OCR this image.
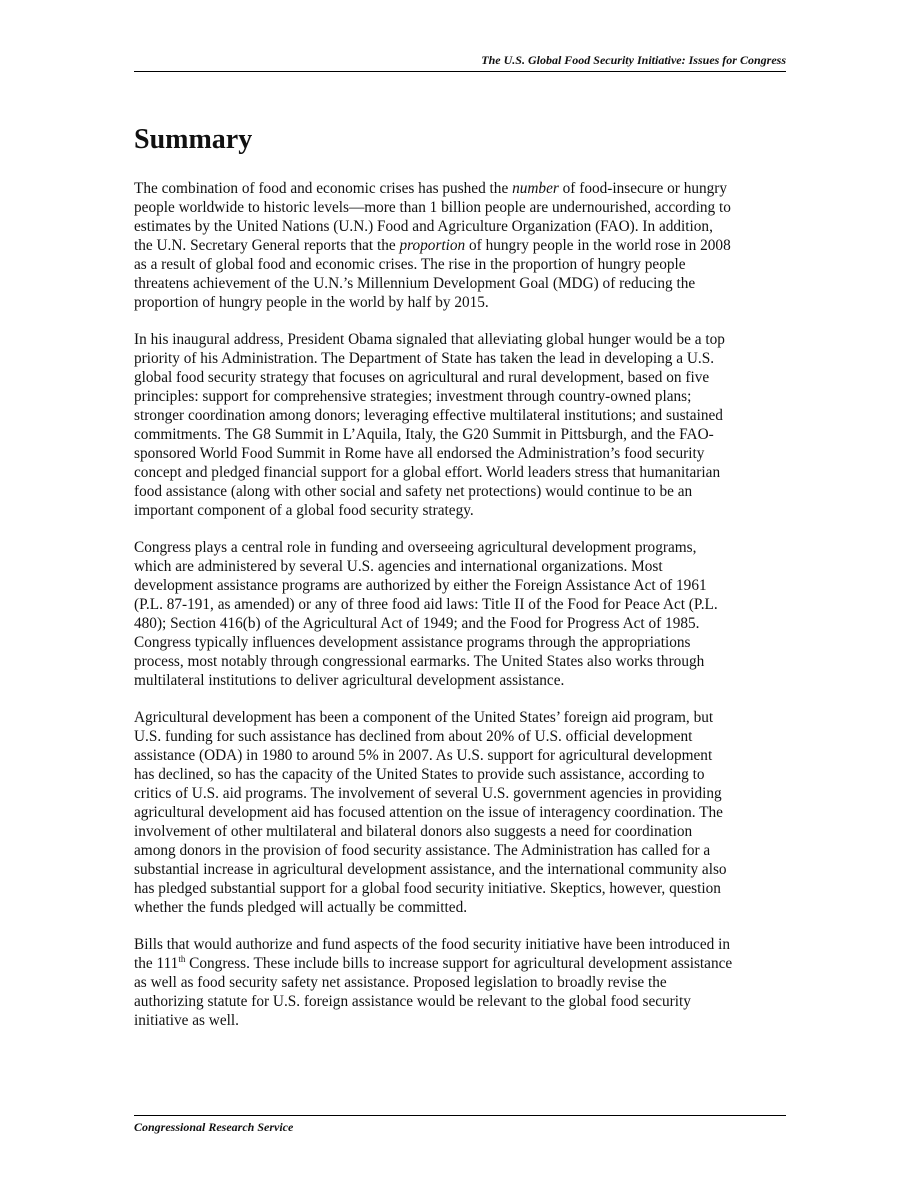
The U.S. Global Food Security Initiative: Issues for Congress
Summary

The combination of food and economic crises has pushed the number of food-insecure or hungry
people worldwide to historic levels—more than 1 billion people are undernourished, according to
estimates by the United Nations (U.N.) Food and Agriculture Organization (FAO). In addition,
the U.N. Secretary General reports that the proportion of hungry people in the world rose in 2008
as a result of global food and economic crises. The rise in the proportion of hungry people
threatens achievement of the U.N.’s Millennium Development Goal (MDG) of reducing the
proportion of hungry people in the world by half by 2015.

In his inaugural address, President Obama signaled that alleviating global hunger would be a top
priority of his Administration. The Department of State has taken the lead in developing a U.S.
global food security strategy that focuses on agricultural and rural development, based on five
principles: support for comprehensive strategies; investment through country-owned plans;
stronger coordination among donors; leveraging effective multilateral institutions; and sustained
commitments. The G8 Summit in L’Aquila, Italy, the G20 Summit in Pittsburgh, and the FAO-
sponsored World Food Summit in Rome have all endorsed the Administration’s food security
concept and pledged financial support for a global effort. World leaders stress that humanitarian
food assistance (along with other social and safety net protections) would continue to be an
important component of a global food security strategy.

Congress plays a central role in funding and overseeing agricultural development programs,
which are administered by several U.S. agencies and international organizations. Most
development assistance programs are authorized by either the Foreign Assistance Act of 1961
(P.L. 87-191, as amended) or any of three food aid laws: Title II of the Food for Peace Act (P.L.
480); Section 416(b) of the Agricultural Act of 1949; and the Food for Progress Act of 1985.
Congress typically influences development assistance programs through the appropriations
process, most notably through congressional earmarks. The United States also works through
multilateral institutions to deliver agricultural development assistance.

Agricultural development has been a component of the United States’ foreign aid program, but
U.S. funding for such assistance has declined from about 20% of U.S. official development
assistance (ODA) in 1980 to around 5% in 2007. As U.S. support for agricultural development
has declined, so has the capacity of the United States to provide such assistance, according to
critics of U.S. aid programs. The involvement of several U.S. government agencies in providing
agricultural development aid has focused attention on the issue of interagency coordination. The
involvement of other multilateral and bilateral donors also suggests a need for coordination
among donors in the provision of food security assistance. The Administration has called for a
substantial increase in agricultural development assistance, and the international community also
has pledged substantial support for a global food security initiative. Skeptics, however, question
whether the funds pledged will actually be committed.

Bills that would authorize and fund aspects of the food security initiative have been introduced in
the 111th Congress. These include bills to increase support for agricultural development assistance
as well as food security safety net assistance. Proposed legislation to broadly revise the
authorizing statute for U.S. foreign assistance would be relevant to the global food security
initiative as well.

Congressional Research Service
